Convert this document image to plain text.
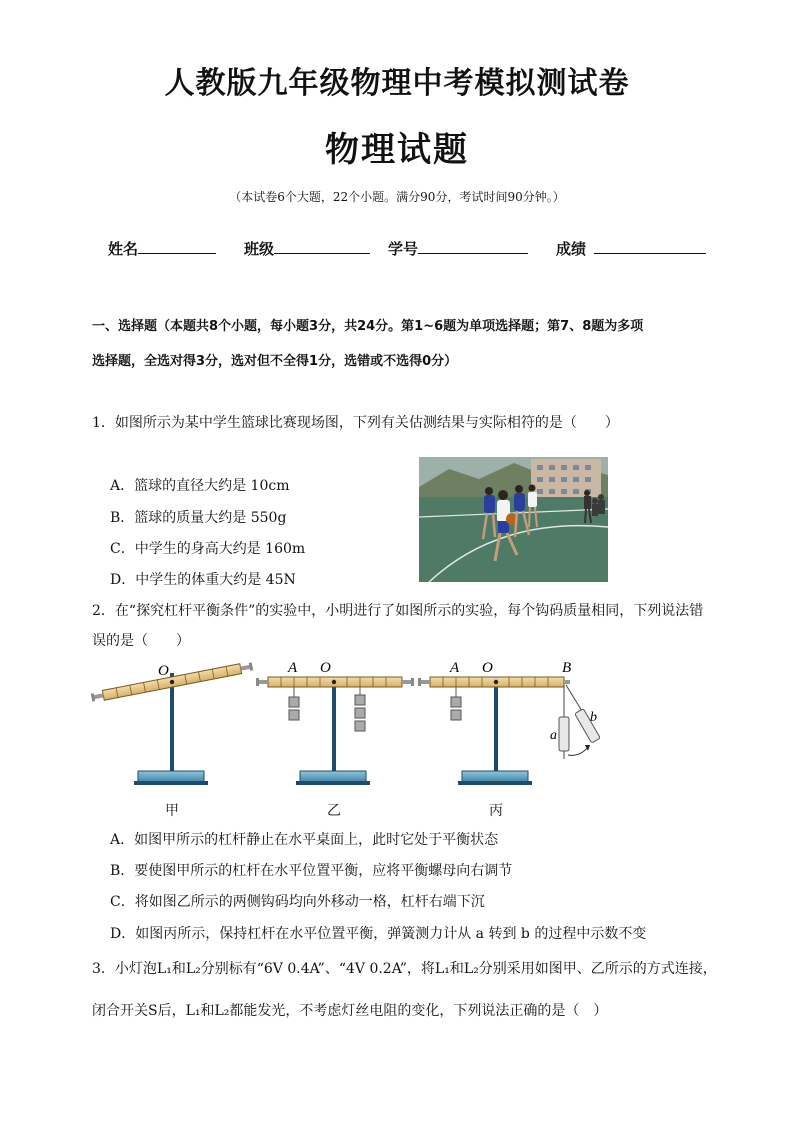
人教版九年级物理中考模拟测试卷
物理试题
（本试卷6个大题，22个小题。满分90分，考试时间90分钟。）
姓名	班级	学号	成绩
一、选择题（本题共8个小题，每小题3分，共24分。第1~6题为单项选择题；第7、8题为多项
选择题，全选对得3分，选对但不全得1分，选错或不选得0分）
1．如图所示为某中学生篮球比赛现场图，下列有关估测结果与实际相符的是（　　）
A．篮球的直径大约是 10cm
B．篮球的质量大约是 550g
C．中学生的身高大约是 160m
D．中学生的体重大约是 45N
2．在“探究杠杆平衡条件”的实验中，小明进行了如图所示的实验，每个钩码质量相同，下列说法错
误的是（　　）
O	A O	A O	B
a
b
甲	乙	丙
A．如图甲所示的杠杆静止在水平桌面上，此时它处于平衡状态
B．要使图甲所示的杠杆在水平位置平衡，应将平衡螺母向右调节
C．将如图乙所示的两侧钩码均向外移动一格，杠杆右端下沉
D．如图丙所示，保持杠杆在水平位置平衡，弹簧测力计从 a 转到 b 的过程中示数不变
3．小灯泡L₁和L₂分别标有“6V 0.4A”、“4V 0.2A”，将L₁和L₂分别采用如图甲、乙所示的方式连接，
闭合开关S后，L₁和L₂都能发光，不考虑灯丝电阻的变化，下列说法正确的是（　）
